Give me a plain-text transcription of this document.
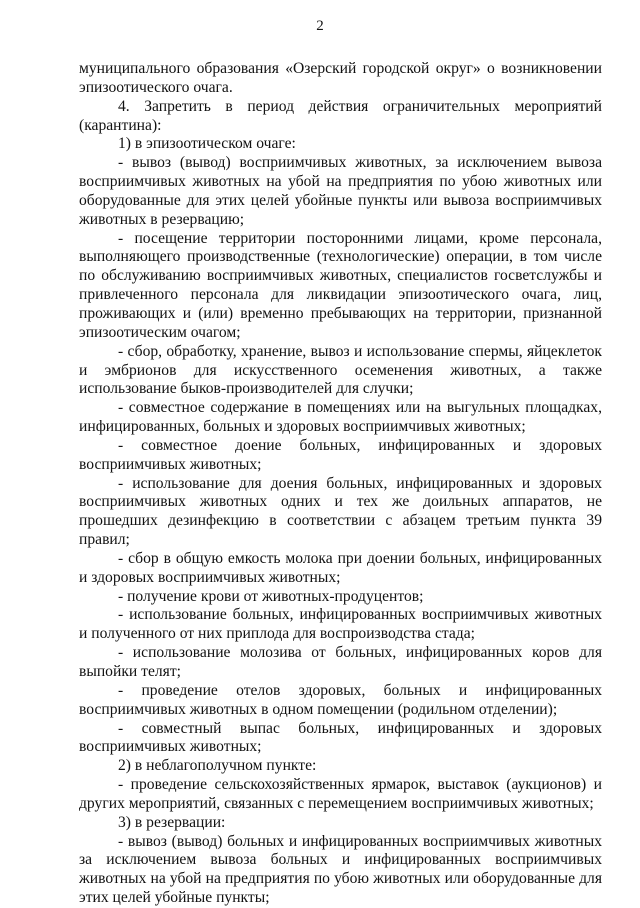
2

муниципального образования «Озерский городской округ» о возникновении эпизоотического очага.

4. Запретить в период действия ограничительных мероприятий (карантина):

1) в эпизоотическом очаге:

- вывоз (вывод) восприимчивых животных, за исключением вывоза восприимчивых животных на убой на предприятия по убою животных или оборудованные для этих целей убойные пункты или вывоза восприимчивых животных в резервацию;

- посещение территории посторонними лицами, кроме персонала, выполняющего производственные (технологические) операции, в том числе по обслуживанию восприимчивых животных, специалистов госветслужбы и привлеченного персонала для ликвидации эпизоотического очага, лиц, проживающих и (или) временно пребывающих на территории, признанной эпизоотическим очагом;

- сбор, обработку, хранение, вывоз и использование спермы, яйцеклеток и эмбрионов для искусственного осеменения животных, а также использование быков-производителей для случки;

- совместное содержание в помещениях или на выгульных площадках, инфицированных, больных и здоровых восприимчивых животных;

- совместное доение больных, инфицированных и здоровых восприимчивых животных;

- использование для доения больных, инфицированных и здоровых восприимчивых животных одних и тех же доильных аппаратов, не прошедших дезинфекцию в соответствии с абзацем третьим пункта 39 правил;

- сбор в общую емкость молока при доении больных, инфицированных и здоровых восприимчивых животных;

- получение крови от животных-продуцентов;

- использование больных, инфицированных восприимчивых животных и полученного от них приплода для воспроизводства стада;

- использование молозива от больных, инфицированных коров для выпойки телят;

- проведение отелов здоровых, больных и инфицированных восприимчивых животных в одном помещении (родильном отделении);

- совместный выпас больных, инфицированных и здоровых восприимчивых животных;

2) в неблагополучном пункте:

- проведение сельскохозяйственных ярмарок, выставок (аукционов) и других мероприятий, связанных с перемещением восприимчивых животных;

3) в резервации:

- вывоз (вывод) больных и инфицированных восприимчивых животных за исключением вывоза больных и инфицированных восприимчивых животных на убой на предприятия по убою животных или оборудованные для этих целей убойные пункты;
